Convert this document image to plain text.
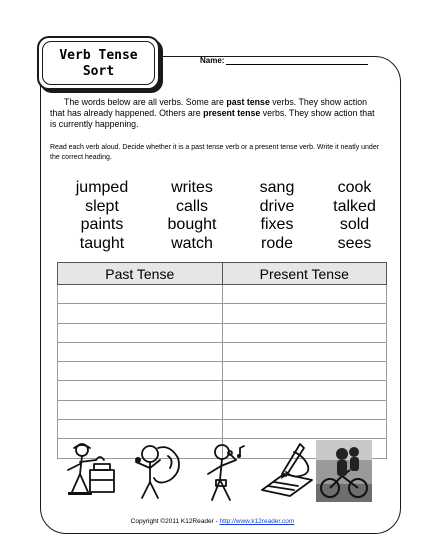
Verb Tense
Sort
Name:
The words below are all verbs. Some are past tense verbs. They show action that has already happened. Others are present tense verbs. They show action that is currently happening.
Read each verb aloud. Decide whether it is a past tense verb or a present tense verb. Write it neatly under the correct heading.
jumped	writes	sang	cook
slept	calls	drive	talked
paints	bought	fixes	sold
taught	watch	rode	sees
Past Tense	Present Tense

Copyright ©2011 K12Reader - http://www.k12reader.com
